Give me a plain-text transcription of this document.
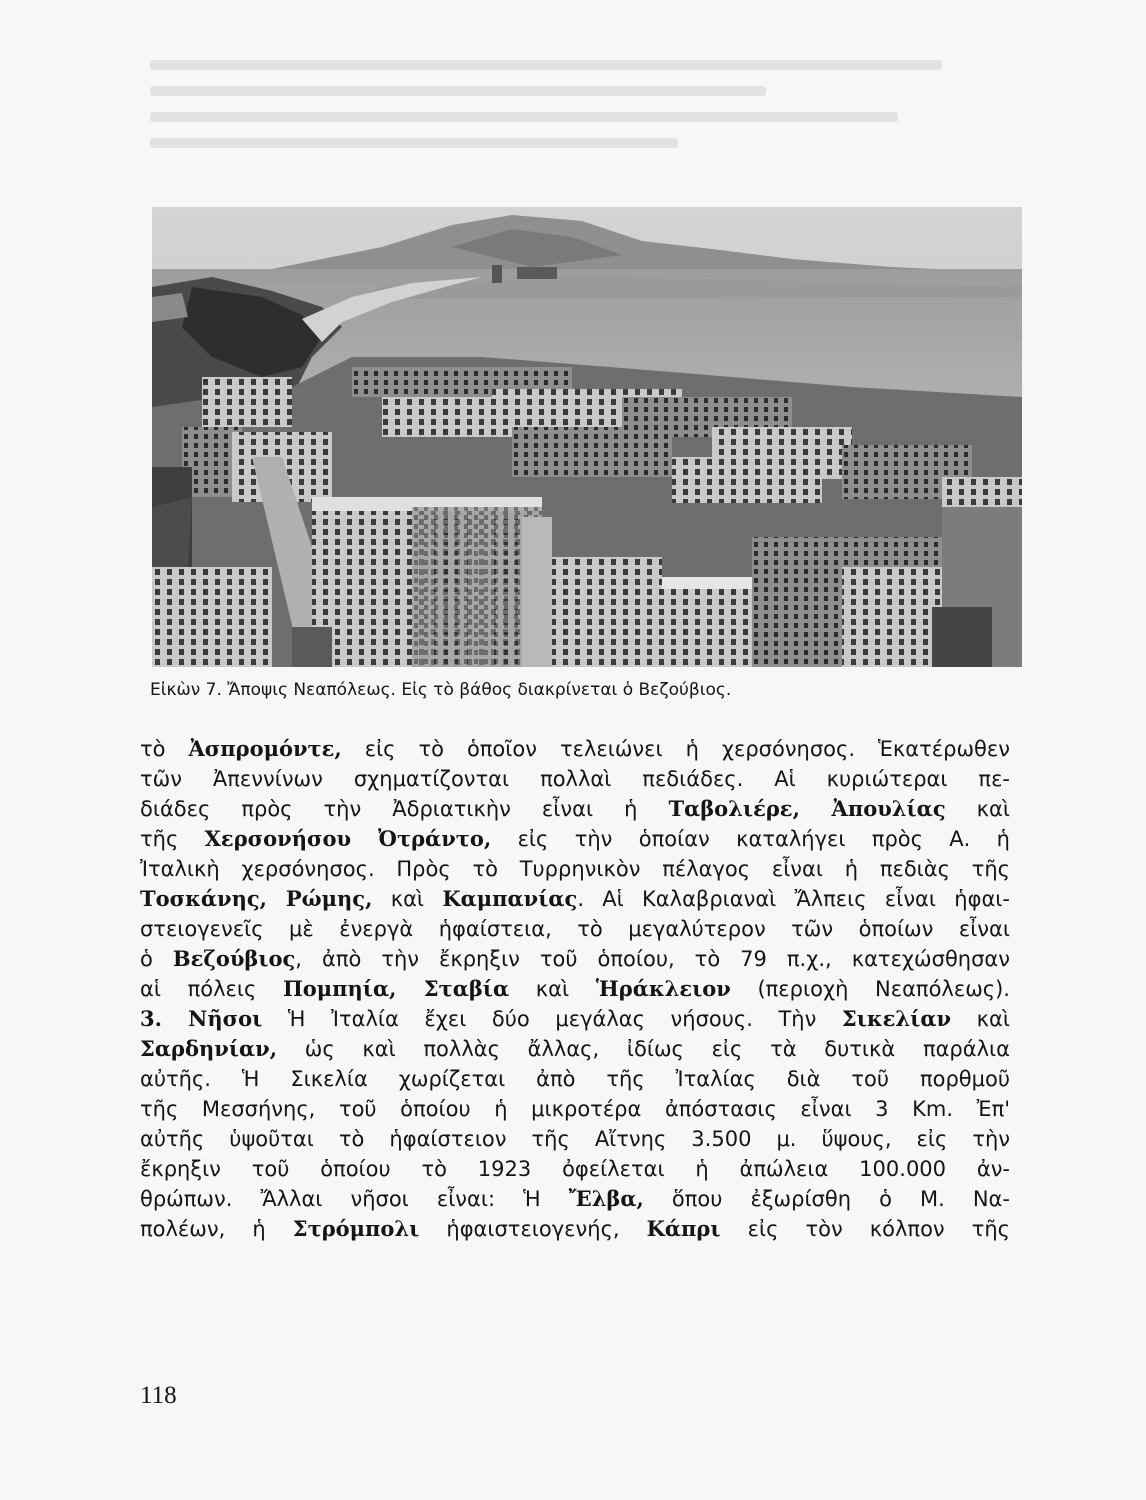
Εἰκὼν 7. Ἄποψις Νεαπόλεως. Εἰς τὸ βάθος διακρίνεται ὁ Βεζούβιος.

τὸ Ἀσπρομόντε, εἰς τὸ ὁποῖον τελειώνει ἡ χερσόνησος. Ἑκατέρωθεν
τῶν Ἀπεννίνων σχηματίζονται πολλαὶ πεδιάδες. Αἱ κυριώτεραι πε-
διάδες πρὸς τὴν Ἀδριατικὴν εἶναι ἡ Ταβολιέρε, Ἀπουλίας καὶ
τῆς Χερσονήσου Ὀτράντο, εἰς τὴν ὁποίαν καταλήγει πρὸς Α. ἡ
Ἰταλικὴ χερσόνησος. Πρὸς τὸ Τυρρηνικὸν πέλαγος εἶναι ἡ πεδιὰς τῆς
Τοσκάνης, Ρώμης, καὶ Καμπανίας. Αἱ Καλαβριαναὶ Ἄλπεις εἶναι ἡφαι-
στειογενεῖς μὲ ἐνεργὰ ἡφαίστεια, τὸ μεγαλύτερον τῶν ὁποίων εἶναι
ὁ Βεζούβιος, ἀπὸ τὴν ἔκρηξιν τοῦ ὁποίου, τὸ 79 π.χ., κατεχώσθησαν
αἱ πόλεις Πομπηία, Σταβία καὶ Ἡράκλειον (περιοχὴ Νεαπόλεως).
3. Νῆσοι Ἡ Ἰταλία ἔχει δύο μεγάλας νήσους. Τὴν Σικελίαν καὶ
Σαρδηνίαν, ὡς καὶ πολλὰς ἄλλας, ἰδίως εἰς τὰ δυτικὰ παράλια
αὐτῆς. Ἡ Σικελία χωρίζεται ἀπὸ τῆς Ἰταλίας διὰ τοῦ πορθμοῦ
τῆς Μεσσήνης, τοῦ ὁποίου ἡ μικροτέρα ἀπόστασις εἶναι 3 Km. Ἐπ'
αὐτῆς ὑψοῦται τὸ ἡφαίστειον τῆς Αἴτνης 3.500 μ. ὕψους, εἰς τὴν
ἔκρηξιν τοῦ ὁποίου τὸ 1923 ὀφείλεται ἡ ἀπώλεια 100.000 ἀν-
θρώπων. Ἄλλαι νῆσοι εἶναι: Ἡ Ἔλβα, ὅπου ἐξωρίσθη ὁ Μ. Να-
πολέων, ἡ Στρόμπολι ἡφαιστειογενής, Κάπρι εἰς τὸν κόλπον τῆς

118
